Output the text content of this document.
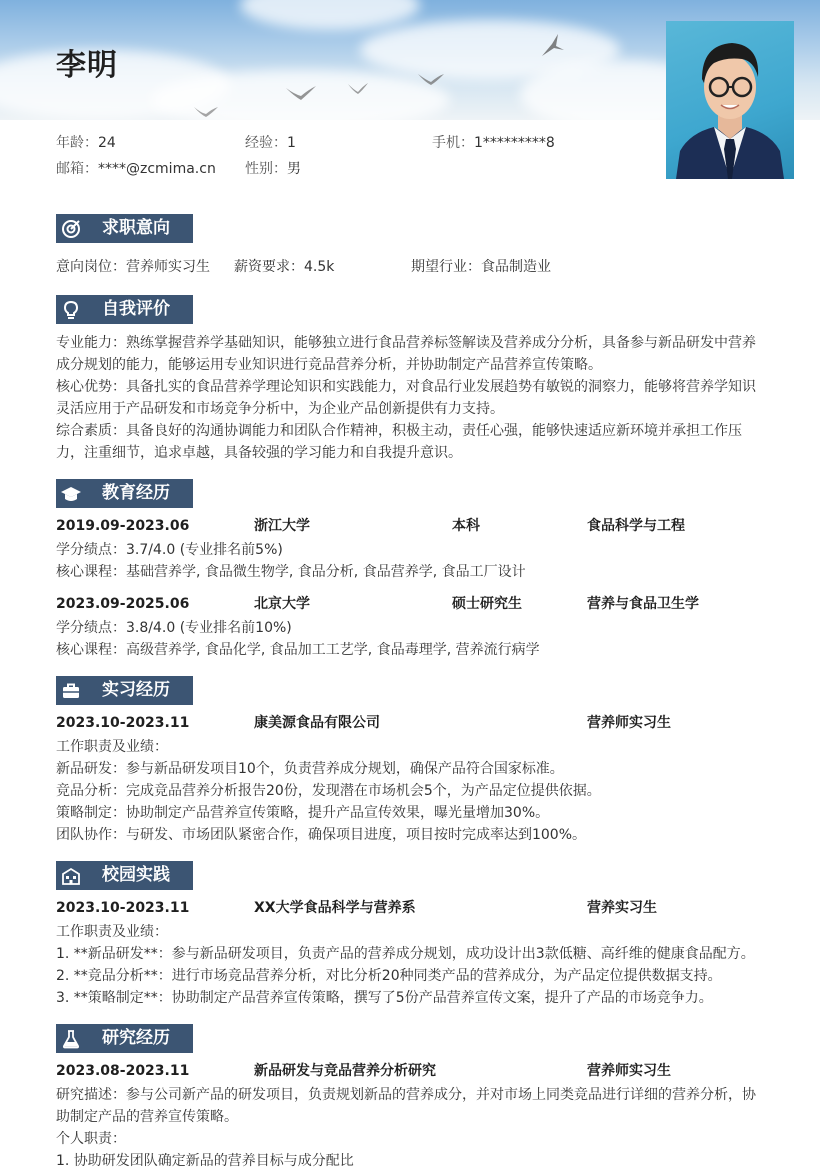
李明
年龄：24	经验：1	手机：1*********8
邮箱：****@zcmima.cn 性别：男
求职意向
意向岗位：营养师实习生	薪资要求：4.5k	期望行业：食品制造业
自我评价
专业能力：熟练掌握营养学基础知识，能够独立进行食品营养标签解读及营养成分分析，具备参与新品研发中营养成分规划的能力，能够运用专业知识进行竞品营养分析，并协助制定产品营养宣传策略。
核心优势：具备扎实的食品营养学理论知识和实践能力，对食品行业发展趋势有敏锐的洞察力，能够将营养学知识灵活应用于产品研发和市场竞争分析中，为企业产品创新提供有力支持。
综合素质：具备良好的沟通协调能力和团队合作精神，积极主动，责任心强，能够快速适应新环境并承担工作压力，注重细节，追求卓越，具备较强的学习能力和自我提升意识。
教育经历
2019.09-2023.06	浙江大学	本科	食品科学与工程
学分绩点：3.7/4.0 (专业排名前5%)
核心课程：基础营养学, 食品微生物学, 食品分析, 食品营养学, 食品工厂设计
2023.09-2025.06	北京大学	硕士研究生	营养与食品卫生学
学分绩点：3.8/4.0 (专业排名前10%)
核心课程：高级营养学, 食品化学, 食品加工工艺学, 食品毒理学, 营养流行病学
实习经历
2023.10-2023.11	康美源食品有限公司	营养师实习生
工作职责及业绩：
新品研发：参与新品研发项目10个，负责营养成分规划，确保产品符合国家标准。
竞品分析：完成竞品营养分析报告20份，发现潜在市场机会5个，为产品定位提供依据。
策略制定：协助制定产品营养宣传策略，提升产品宣传效果，曝光量增加30%。
团队协作：与研发、市场团队紧密合作，确保项目进度，项目按时完成率达到100%。
校园实践
2023.10-2023.11	XX大学食品科学与营养系	营养实习生
工作职责及业绩：
1. **新品研发**：参与新品研发项目，负责产品的营养成分规划，成功设计出3款低糖、高纤维的健康食品配方。
2. **竞品分析**：进行市场竞品营养分析，对比分析20种同类产品的营养成分，为产品定位提供数据支持。
3. **策略制定**：协助制定产品营养宣传策略，撰写了5份产品营养宣传文案，提升了产品的市场竞争力。
研究经历
2023.08-2023.11	新品研发与竞品营养分析研究	营养师实习生
研究描述：参与公司新产品的研发项目，负责规划新品的营养成分，并对市场上同类竞品进行详细的营养分析，协助制定产品的营养宣传策略。
个人职责：
1. 协助研发团队确定新品的营养目标与成分配比
